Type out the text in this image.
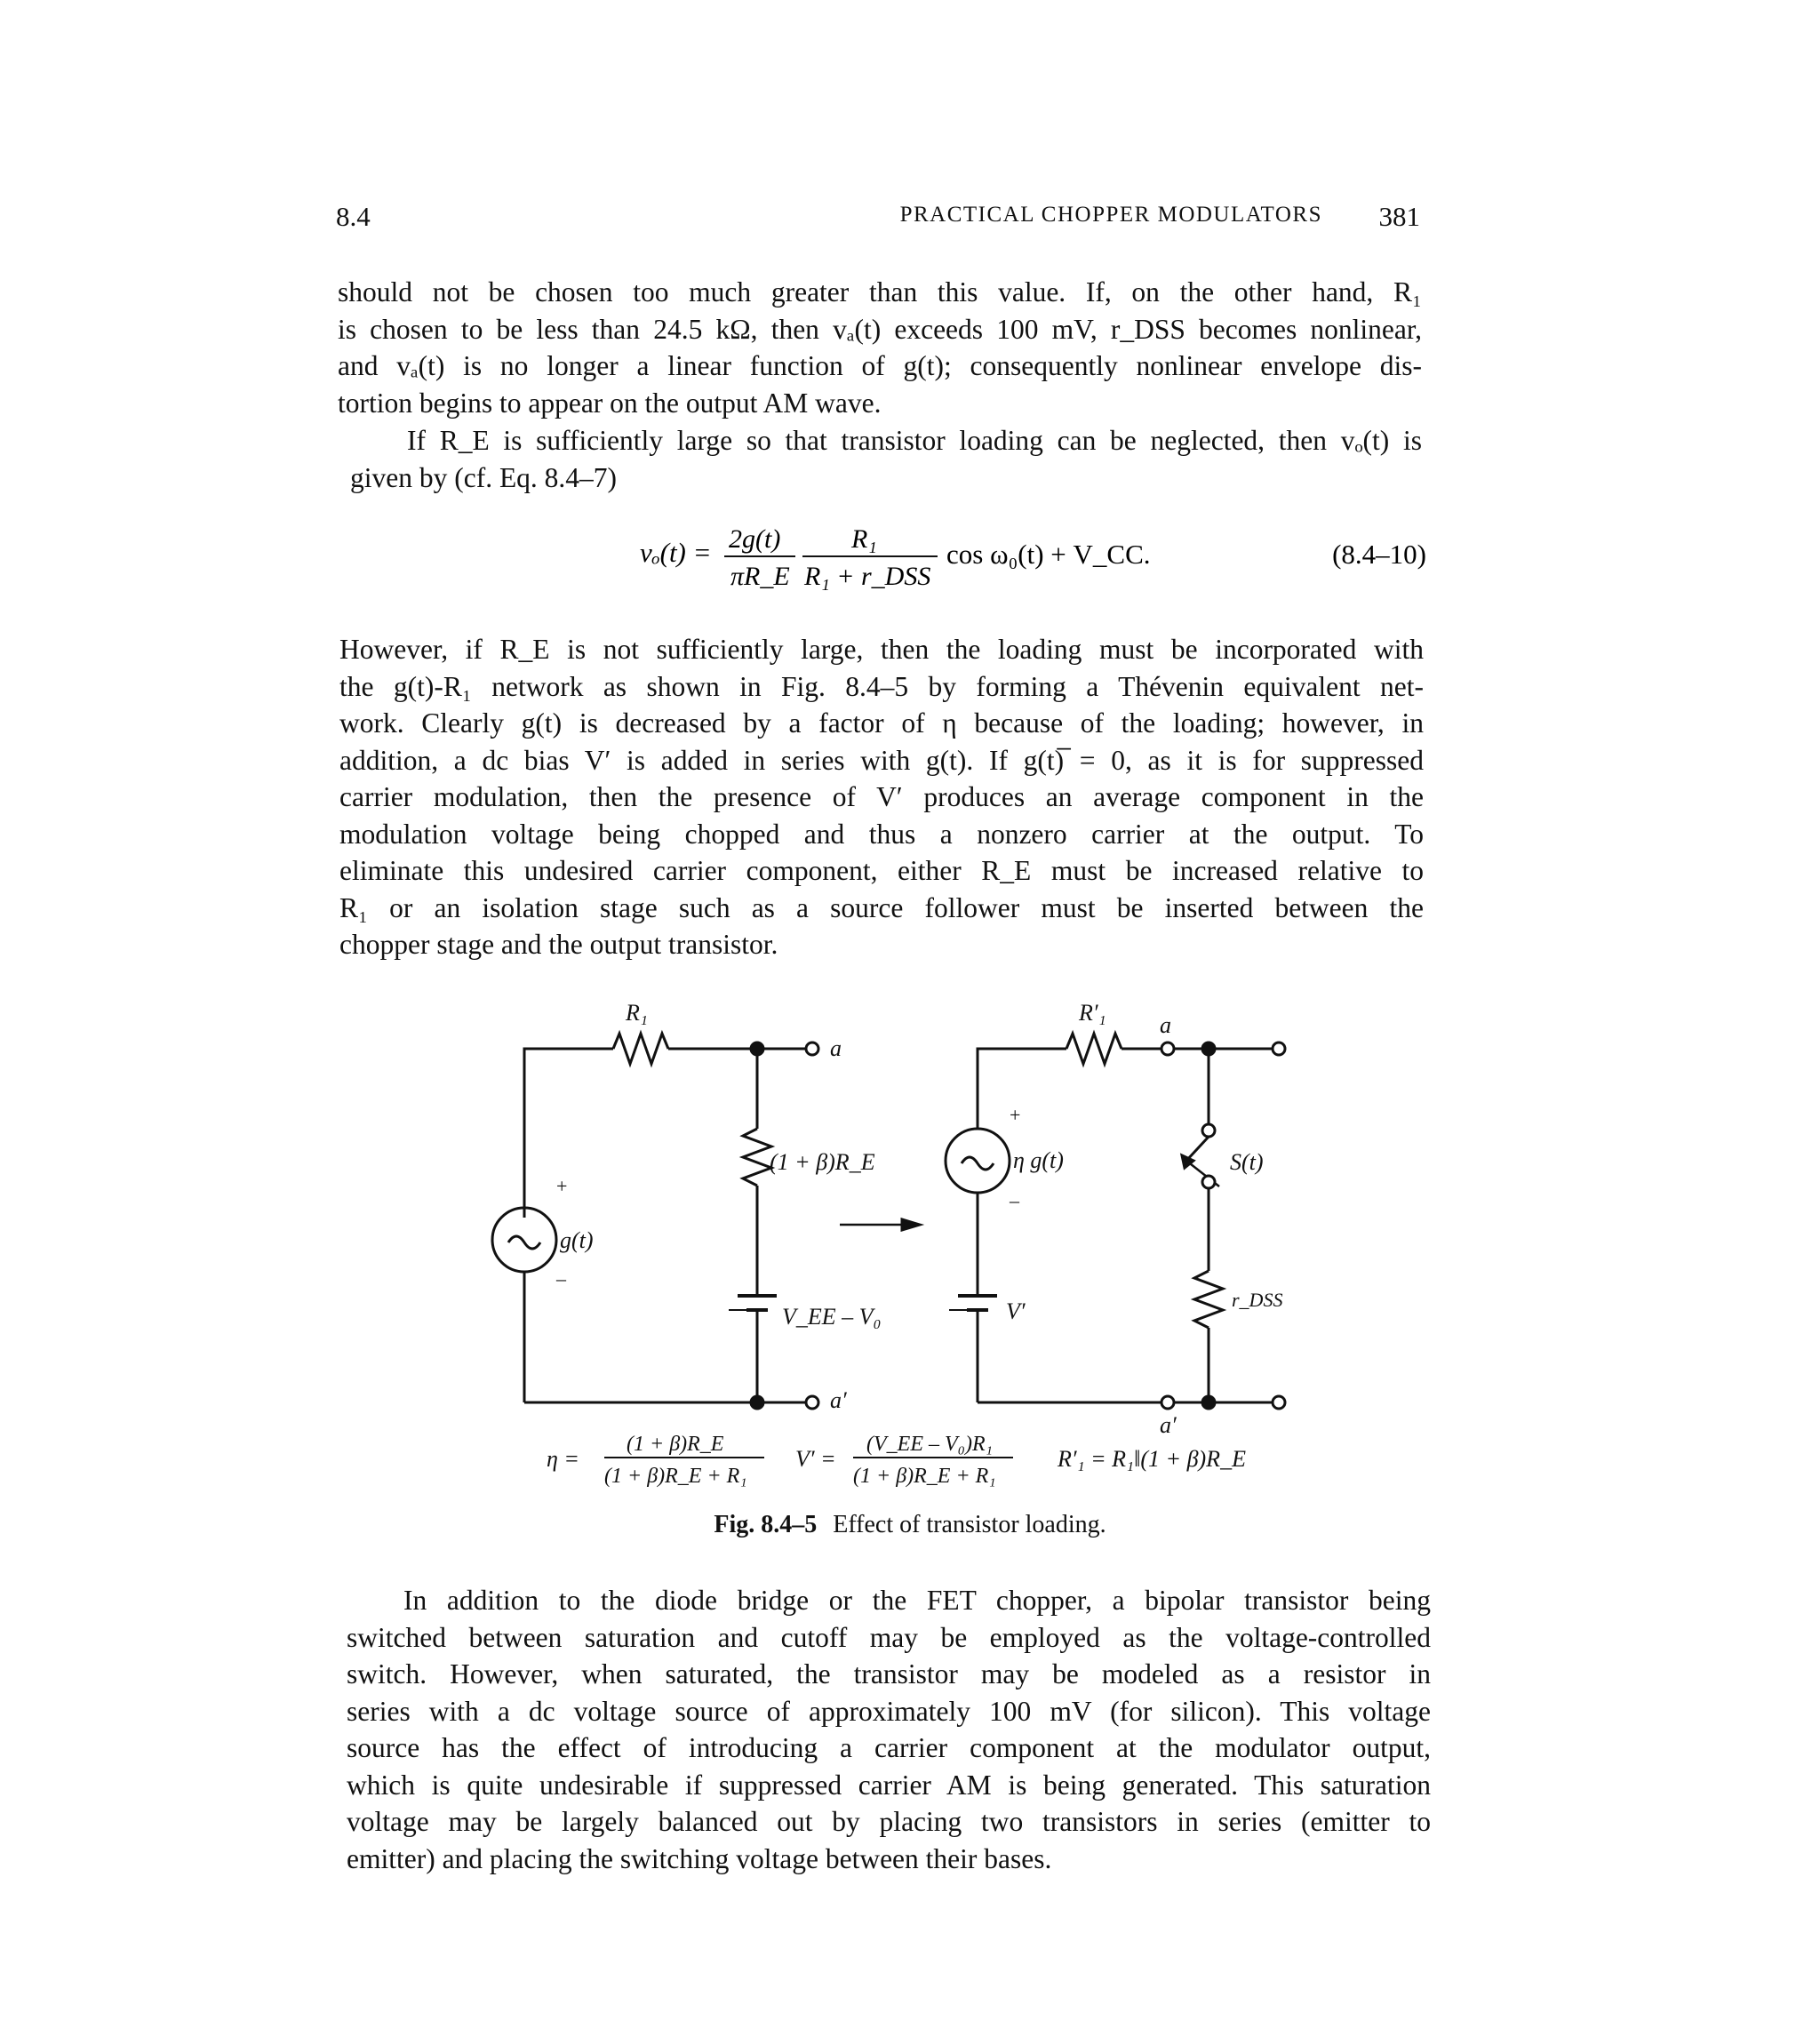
8.4	PRACTICAL CHOPPER MODULATORS 381
should not be chosen too much greater than this value. If, on the other hand, R₁
is chosen to be less than 24.5 kΩ, then vₐ(t) exceeds 100 mV, r_DSS becomes nonlinear,
and vₐ(t) is no longer a linear function of g(t); consequently nonlinear envelope dis-
tortion begins to appear on the output AM wave.
If R_E is sufficiently large so that transistor loading can be neglected, then vₒ(t) is
given by (cf. Eq. 8.4–7)
vₒ(t) = 2g(t)
πR_E
R₁
R₁ + r_DSS
cos ω₀(t) + V_CC.	(8.4–10)
However, if R_E is not sufficiently large, then the loading must be incorporated with
the g(t)-R₁ network as shown in Fig. 8.4–5 by forming a Thévenin equivalent net-
work. Clearly g(t) is decreased by a factor of η because of the loading; however, in
addition, a dc bias V′ is added in series with g(t). If g(t)̅ = 0, as it is for suppressed
carrier modulation, then the presence of V′ produces an average component in the
modulation voltage being chopped and thus a nonzero carrier at the output. To
eliminate this undesired carrier component, either R_E must be increased relative to
R₁ or an isolation stage such as a source follower must be inserted between the
chopper stage and the output transistor.
R₁
a
a′
(1 + β)R_E
g(t)
+
–
V_EE – V₀
R′₁ a
a′
η g(t)
+
–
V′
S(t)
r_DSS
η =
(1 + β)R_E
(1 + β)R_E + R₁
V′ =
(V_EE – V₀)R₁
(1 + β)R_E + R₁
R′₁ = R₁‖(1 + β)R_E
Fig. 8.4–5 Effect of transistor loading.
In addition to the diode bridge or the FET chopper, a bipolar transistor being
switched between saturation and cutoff may be employed as the voltage-controlled
switch. However, when saturated, the transistor may be modeled as a resistor in
series with a dc voltage source of approximately 100 mV (for silicon). This voltage
source has the effect of introducing a carrier component at the modulator output,
which is quite undesirable if suppressed carrier AM is being generated. This saturation
voltage may be largely balanced out by placing two transistors in series (emitter to
emitter) and placing the switching voltage between their bases.
